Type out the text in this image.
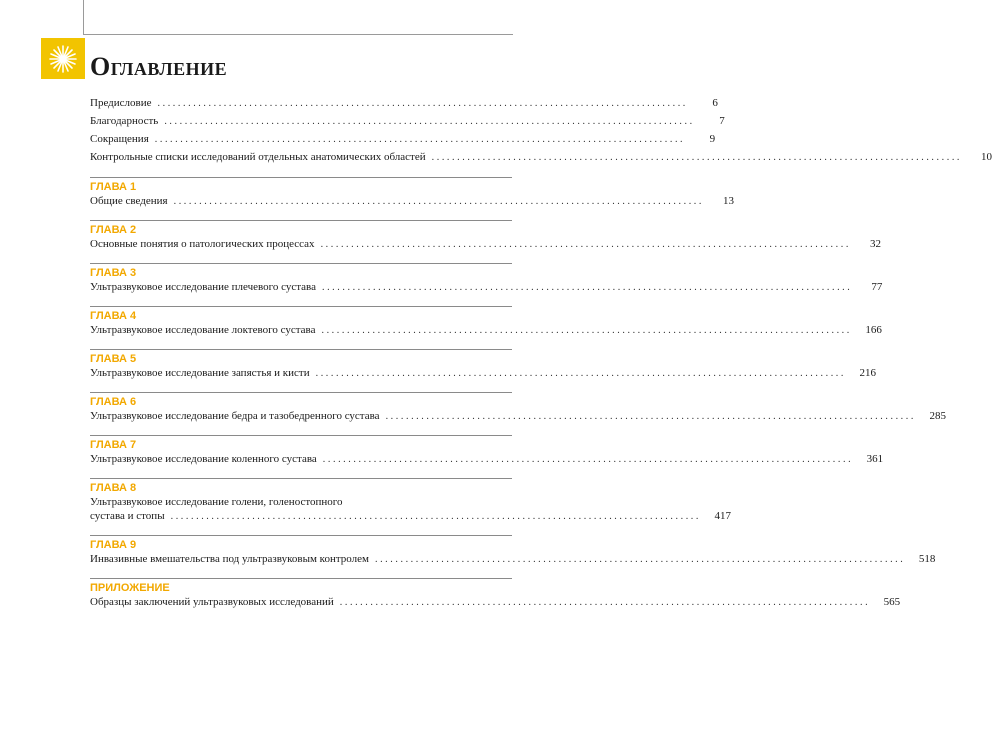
Оглавление
Предисловие ........................................................................................................	6
Благодарность ........................................................................................................	7
Сокращения ........................................................................................................	9
Контрольные списки исследований отдельных анатомических областей ........................................................................................................	10
ГЛАВА 1
Общие сведения ........................................................................................................	13
ГЛАВА 2
Основные понятия о патологических процессах ........................................................................................................	32
ГЛАВА 3
Ультразвуковое исследование плечевого сустава ........................................................................................................	77
ГЛАВА 4
Ультразвуковое исследование локтевого сустава ........................................................................................................	166
ГЛАВА 5
Ультразвуковое исследование запястья и кисти ........................................................................................................	216
ГЛАВА 6
Ультразвуковое исследование бедра и тазобедренного сустава ........................................................................................................	285
ГЛАВА 7
Ультразвуковое исследование коленного сустава ........................................................................................................	361
ГЛАВА 8
Ультразвуковое исследование голени, голеностопного
сустава и стопы ........................................................................................................	417
ГЛАВА 9
Инвазивные вмешательства под ультразвуковым контролем ........................................................................................................	518
ПРИЛОЖЕНИЕ
Образцы заключений ультразвуковых исследований ........................................................................................................	565
